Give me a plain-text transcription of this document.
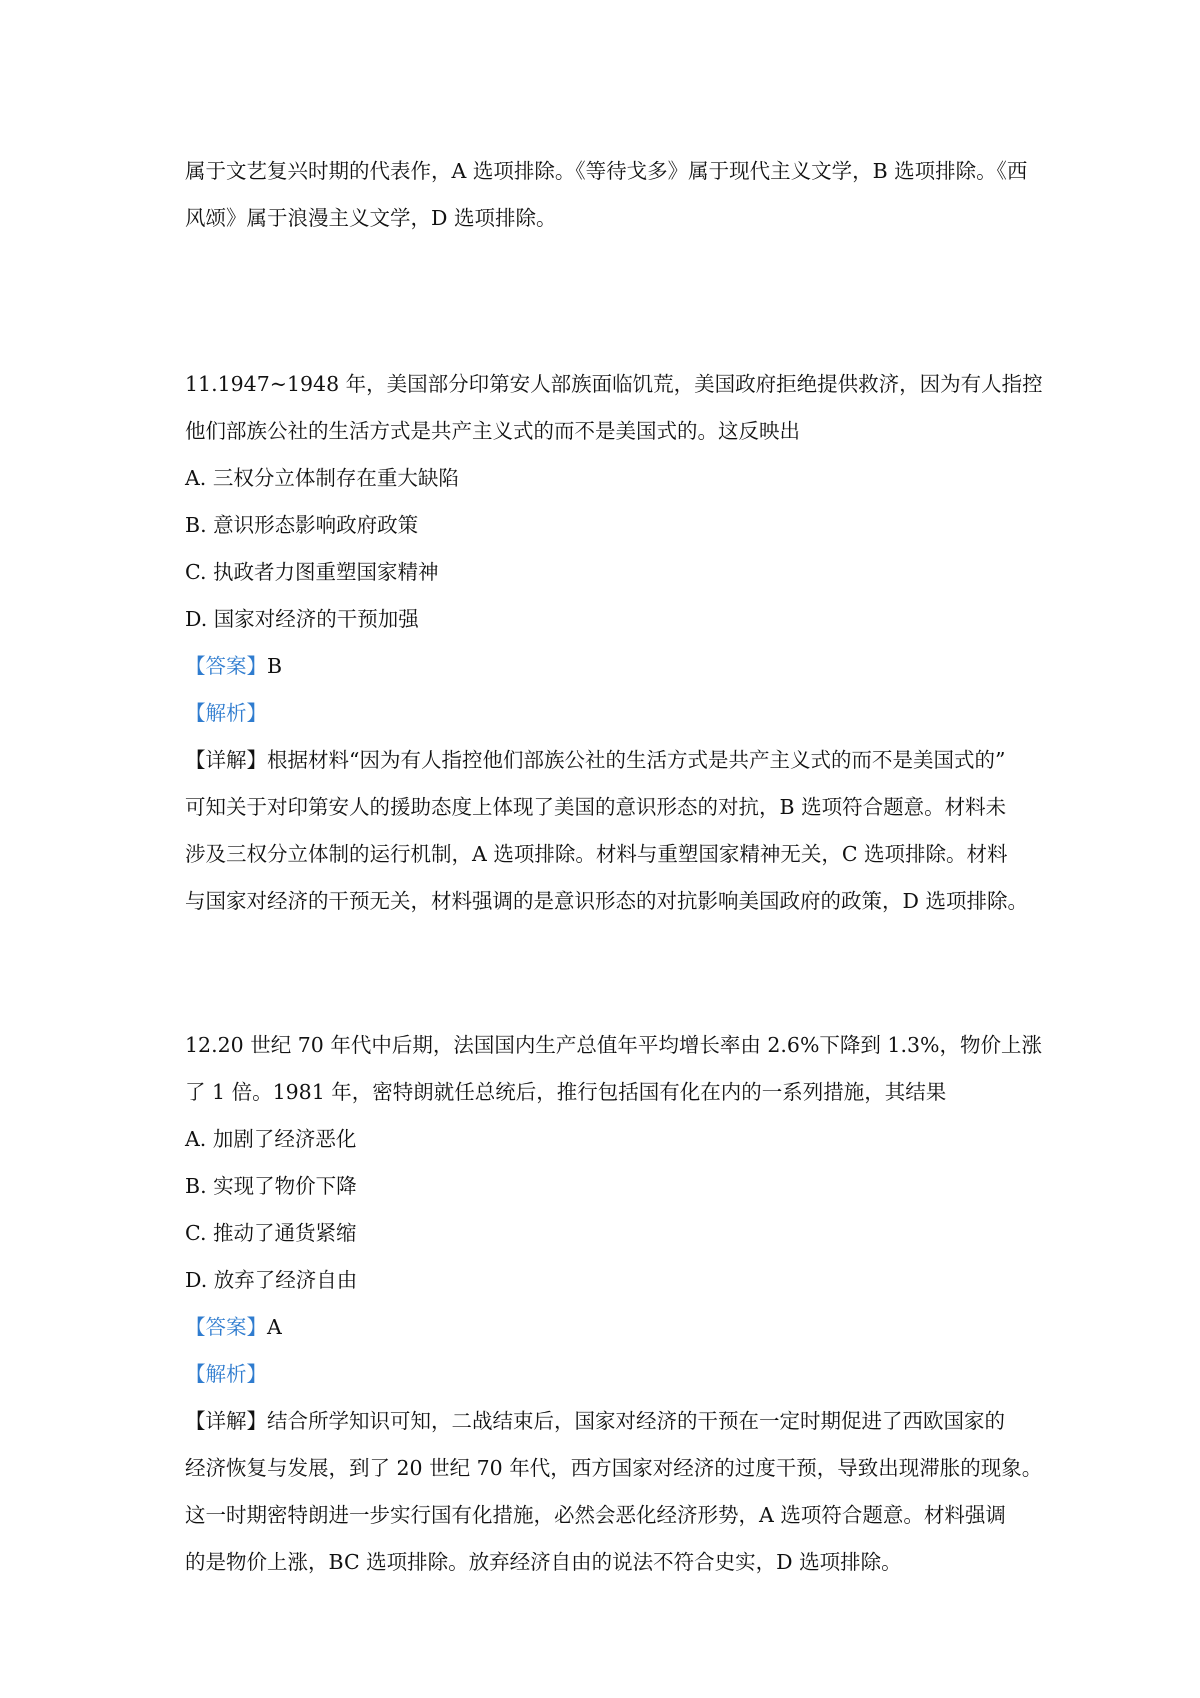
属于文艺复兴时期的代表作，A 选项排除。《等待戈多》属于现代主义文学，B 选项排除。《西
风颂》属于浪漫主义文学，D 选项排除。
11.1947~1948 年，美国部分印第安人部族面临饥荒，美国政府拒绝提供救济，因为有人指控
他们部族公社的生活方式是共产主义式的而不是美国式的。这反映出
A. 三权分立体制存在重大缺陷
B. 意识形态影响政府政策
C. 执政者力图重塑国家精神
D. 国家对经济的干预加强
【答案】B
【解析】
【详解】根据材料“因为有人指控他们部族公社的生活方式是共产主义式的而不是美国式的”
可知关于对印第安人的援助态度上体现了美国的意识形态的对抗，B 选项符合题意。材料未
涉及三权分立体制的运行机制，A 选项排除。材料与重塑国家精神无关，C 选项排除。材料
与国家对经济的干预无关，材料强调的是意识形态的对抗影响美国政府的政策，D 选项排除。
12.20 世纪 70 年代中后期，法国国内生产总值年平均增长率由 2.6%下降到 1.3%，物价上涨
了 1 倍。1981 年，密特朗就任总统后，推行包括国有化在内的一系列措施，其结果
A. 加剧了经济恶化
B. 实现了物价下降
C. 推动了通货紧缩
D. 放弃了经济自由
【答案】A
【解析】
【详解】结合所学知识可知，二战结束后，国家对经济的干预在一定时期促进了西欧国家的
经济恢复与发展，到了 20 世纪 70 年代，西方国家对经济的过度干预，导致出现滞胀的现象。
这一时期密特朗进一步实行国有化措施，必然会恶化经济形势，A 选项符合题意。材料强调
的是物价上涨，BC 选项排除。放弃经济自由的说法不符合史实，D 选项排除。
